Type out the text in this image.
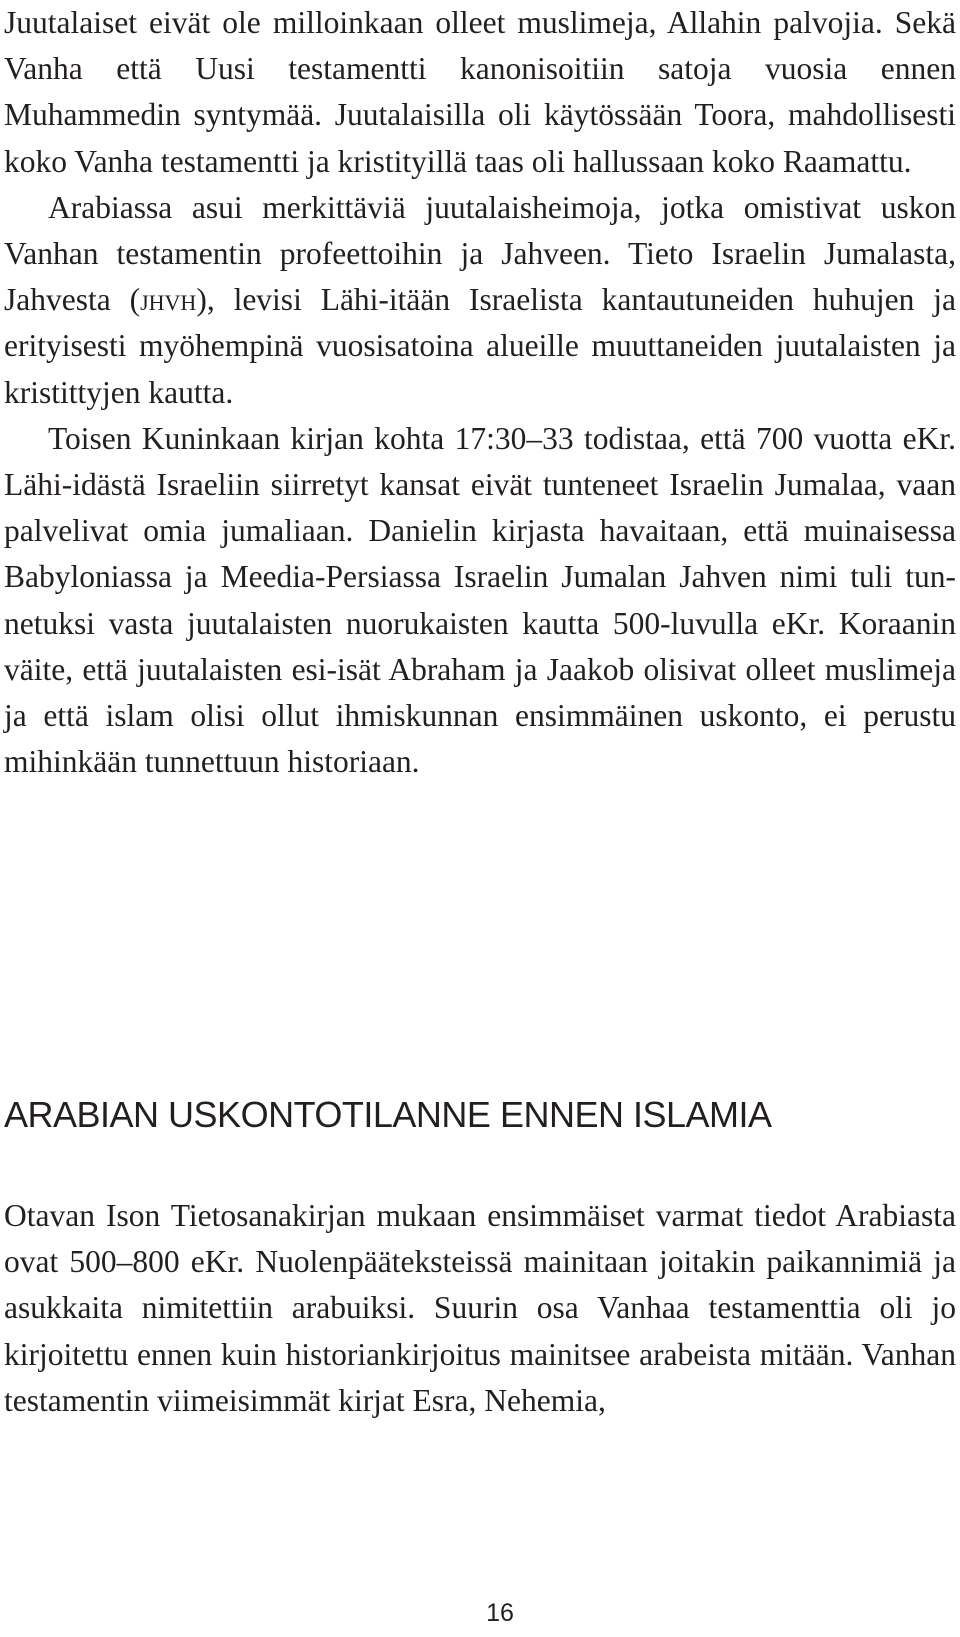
Juutalaiset eivät ole milloinkaan olleet muslimeja, Allahin palvojia. Sekä Vanha että Uusi testamentti kanonisoitiin satoja vuosia ennen Muhammedin syntymää. Juutalaisilla oli käytössään Toora, mahdollisesti koko Vanha testamentti ja kristityillä taas oli hallussaan koko Raamattu.

Arabiassa asui merkittäviä juutalaisheimoja, jotka omistivat uskon Vanhan testamentin profeettoihin ja Jahveen. Tieto Israelin Jumalasta, Jahvesta (jhvh), levisi Lähi-itään Israelista kantautuneiden huhujen ja erityisesti myöhempinä vuosisatoina alueille muuttaneiden juutalaisten ja kristittyjen kautta.

Toisen Kuninkaan kirjan kohta 17:30–33 todistaa, että 700 vuotta eKr. Lähi-idästä Israeliin siirretyt kansat eivät tunteneet Israelin Jumalaa, vaan palvelivat omia jumaliaan. Danielin kirjasta havaitaan, että muinaisessa Babyloniassa ja Meedia-Persiassa Israelin Jumalan Jahven nimi tuli tunnetuksi vasta juutalaisten nuorukaisten kautta 500-luvulla eKr. Koraanin väite, että juutalaisten esi-isät Abraham ja Jaakob olisivat olleet muslimeja ja että islam olisi ollut ihmiskunnan ensimmäinen uskonto, ei perustu mihinkään tunnettuun historiaan.

ARABIAN USKONTOTILANNE ENNEN ISLAMIA

Otavan Ison Tietosanakirjan mukaan ensimmäiset varmat tiedot Arabiasta ovat 500–800 eKr. Nuolenpääteksteissä mainitaan joitakin paikannimiä ja asukkaita nimitettiin arabuiksi. Suurin osa Vanhaa testamenttia oli jo kirjoitettu ennen kuin historiankirjoitus mainitsee arabeista mitään. Vanhan testamentin viimeisimmät kirjat Esra, Nehemia,

16
